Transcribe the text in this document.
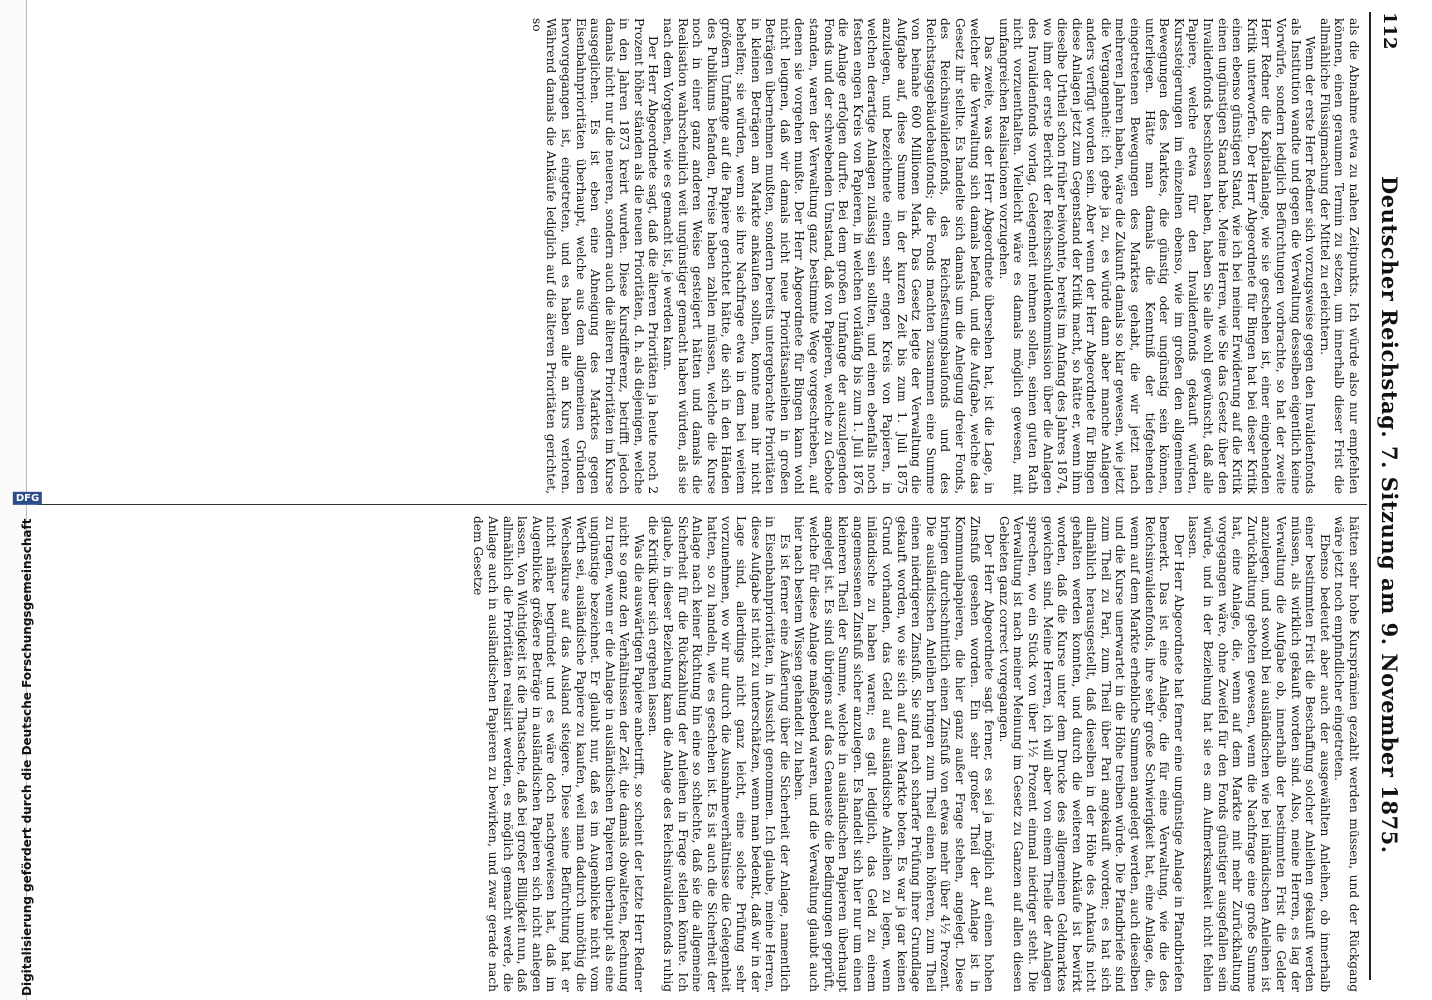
112
Deutscher Reichstag. 7. Sitzung am 9. November 1875.

als die Abnahme etwa zu nahen Zeitpunkts. Ich würde also nur empfehlen können, einen geraumen Termin zu setzen, um innerhalb dieser Frist die allmähliche Flüssigmachung der Mittel zu erleichtern.

Wenn der erste Herr Redner sich vorzugsweise gegen den Invalidenfonds als Institution wandte und gegen die Verwaltung desselben eigentlich keine Vorwürfe, sondern lediglich Befürchtungen vorbrachte, so hat der zweite Herr Redner die Kapitalanlage, wie sie geschehen ist, einer eingehenden Kritik unterworfen. Der Herr Abgeordnete für Bingen hat bei dieser Kritik einen ebenso günstigen Stand, wie ich bei meiner Erwiderung auf die Kritik einen ungünstigen Stand habe. Meine Herren, wie Sie das Gesetz über den Invalidenfonds beschlossen haben, haben Sie alle wohl gewünscht, daß alle Papiere, welche etwa für den Invalidenfonds gekauft würden, Kurssteigerungen im einzelnen ebenso, wie im großen den allgemeinen Bewegungen des Marktes, die günstig oder ungünstig sein können, unterliegen. Hätte man damals die Kenntniß der tiefgehenden eingetretenen Bewegungen des Marktes gehabt, die wir jetzt nach mehreren Jahren haben, wäre die Zukunft damals so klar gewesen, wie jetzt die Vergangenheit: ich gebe ja zu, es würde dann aber manche Anlagen anders verfügt worden sein. Aber wenn der Herr Abgeordnete für Bingen diese Anlagen jetzt zum Gegenstand der Kritik macht, so hätte er, wenn ihm dieselbe Urtheil schon früher beiwohnte, bereits im Anfang des Jahres 1874, wo ihm der erste Bericht der Reichsschuldenkommission über die Anlagen des Invalidenfonds vorlag, Gelegenheit nehmen sollen, seinen guten Rath nicht vorzuenthalten. Vielleicht wäre es damals möglich gewesen, mit umfangreichen Realisationen vorzugehen.

Das zweite, was der Herr Abgeordnete übersehen hat, ist die Lage, in welcher die Verwaltung sich damals befand, und die Aufgabe, welche das Gesetz ihr stellte. Es handelte sich damals um die Anlegung dreier Fonds, des Reichsinvalidenfonds, des Reichsfestungsbaufonds und des Reichstagsgebäudebaufonds; die Fonds machten zusammen eine Summe von beinahe 600 Millionen Mark. Das Gesetz legte der Verwaltung die Aufgabe auf, diese Summe in der kurzen Zeit bis zum 1. Juli 1875 anzulegen, und bezeichnete einen sehr engen Kreis von Papieren, in welchen derartige Anlagen zulässig sein sollten, und einen ebenfalls noch festen engen Kreis von Papieren, in welchen vorläufig bis zum 1. Juli 1876 die Anlage erfolgen durfte. Bei dem großen Umfange der auszulegenden Fonds und der schwebenden Umstand, daß von Papieren, welche zu Gebote standen, waren der Verwaltung ganz bestimmte Wege vorgeschrieben, auf denen sie vorgehen mußte. Der Herr Abgeordnete für Bingen kann wohl nicht leugnen, daß wir damals nicht neue Prioritätsanleihen in großen Beträgen übernehmen mußten, sondern bereits untergebrachte Prioritäten in kleinen Beträgen am Markte ankaufen sollten, konnte man ihr nicht behelfen; sie würden, wenn sie ihre Nachfrage etwa in dem bei weitem größern Umfange auf die Papiere gerichtet hätte, die sich in den Händen des Publikums befanden, Preise haben zahlen müssen, welche die Kurse noch in einer ganz anderen Weise gesteigert hätten und damals die Realisation wahrscheinlich weit ungünstiger gemacht haben würden, als sie nach dem Vorgehen, wie es gemacht ist, je werden kann.

Der Herr Abgeordnete sagt, daß die älteren Prioritäten ja heute noch 2 Prozent höher ständen als die neuen Prioritäten, d. h. als diejenigen, welche in den Jahren 1873 kreirt wurden. Diese Kursdifferenz, betrifft jedoch damals nicht nur die neueren, sondern auch die älteren Prioritäten im Kurse ausgeglichen. Es ist eben eine Abneigung des Marktes gegen Eisenbahnprioritäten überhaupt, welche aus dem allgemeinen Gründen hervorgegangen ist, eingetreten, und es haben alle an Kurs verloren. Während damals die Ankäufe lediglich auf die älteren Prioritäten gerichtet, so

hätten sehr hohe Kursprämien gezahlt werden müssen, und der Rückgang wäre jetzt noch empfindlicher eingetreten.

Ebenso bedeutet aber auch der ausgewählten Anleihen, ob innerhalb einer bestimmten Frist die Beschaffung solcher Anleihen gekauft werden müssen, als wirklich gekauft worden sind. Also, meine Herren, es lag der Verwaltung die Aufgabe ob, innerhalb der bestimmten Frist die Gelder anzulegen, und sowohl bei ausländischen wie bei inländischen Anleihen ist Zurückhaltung geboten gewesen, wenn die Nachfrage eine große Summe hat, eine Anlage, die, wenn auf dem Markte mit mehr Zurückhaltung vorgegangen wäre, ohne Zweifel für den Fonds günstiger ausgefallen sein würde, und in der Beziehung hat sie es am Aufmerksamkeit nicht fehlen lassen.

Der Herr Abgeordnete hat ferner eine ungünstige Anlage in Pfandbriefen bemerkt. Das ist eine Anlage, die für eine Verwaltung, wie die des Reichsinvalidenfonds, ihre sehr große Schwierigkeit hat, eine Anlage, die, wenn auf dem Markte erhebliche Summen angelegt werden, auch dieselben und die Kurse unerwartet in die Höhe treiben würde. Die Pfandbriefe sind zum Theil zu Pari, zum Theil über Pari angekauft worden; es hat sich allmählich herausgestellt, daß dieselben in der Höhe des Ankaufs nicht gehalten werden konnten, und durch die weiteren Ankäufe ist bewirkt worden, daß die Kurse unter dem Drucke des allgemeinen Geldmarktes gewichen sind. Meine Herren, ich will aber von einem Theile der Anlagen sprechen, wo ein Stück von über 1½ Prozent einmal niedriger steht. Die Verwaltung ist nach meiner Meinung im Gesetz zu Ganzen auf allen diesen Gebieten ganz correct vorgegangen.

Der Herr Abgeordnete sagt ferner, es sei ja möglich auf einen hohen Zinsfuß gesehen worden. Ein sehr großer Theil der Anlage ist in Kommunalpapieren, die hier ganz außer Frage stehen, angelegt. Diese bringen durchschnittlich einen Zinsfuß von etwas mehr über 4½ Prozent. Die ausländischen Anleihen bringen zum Theil einen höheren, zum Theil einen niedrigeren Zinsfuß. Sie sind nach scharfer Prüfung ihrer Grundlage gekauft worden, wo sie sich auf dem Markte boten. Es war ja gar keinen Grund vorhanden, das Geld auf ausländische Anleihen zu legen, wenn inländische zu haben waren; es galt lediglich, das Geld zu einem angemessenen Zinsfuß sicher anzulegen. Es handelt sich hier nur um einen kleineren Theil der Summe, welche in ausländischen Papieren überhaupt angelegt ist. Es sind übrigens auf das Genaueste die Bedingungen geprüft, welche für diese Anlage maßgebend waren, und die Verwaltung glaubt auch hier nach bestem Wissen gehandelt zu haben.

Es ist ferner eine Äußerung über die Sicherheit der Anlage, namentlich in Eisenbahnprioritäten, in Aussicht genommen. Ich glaube, meine Herren, diese Aufgabe ist nicht zu unterschätzen, wenn man bedenkt, daß wir in der Lage sind, allerdings nicht ganz leicht, eine solche Prüfung sehr vorzunehmen, wo wir nur durch die Ausnahmeverhältnisse die Gelegenheit hatten, so zu handeln, wie es geschehen ist. Es ist auch die Sicherheit der Anlage nach keiner Richtung hin eine so schlechte, daß sie die allgemeine Sicherheit für die Rückzahlung der Anleihen in Frage stellen könnte. Ich glaube, in dieser Beziehung kann die Anlage des Reichsinvalidenfonds ruhig die Kritik über sich ergehen lassen.

Was die auswärtigen Papiere anbetrifft, so scheint der letzte Herr Redner nicht so ganz den Verhältnissen der Zeit, die damals obwalteten, Rechnung zu tragen, wenn er die Anlage in ausländischen Papieren überhaupt als eine ungünstige bezeichnet. Er glaubt nur, daß es im Augenblicke nicht vom Werth sei, ausländische Papiere zu kaufen, weil man dadurch unnöthig die Wechselkurse auf das Ausland steigere. Diese seine Befürchtung hat er nicht näher begründet und es wäre doch nachgewiesen hat, daß im Augenblicke größere Beträge in ausländischen Papieren sich nicht anlegen lassen. Von Wichtigkeit ist die Thatsache, daß bei großer Billigkeit nun, daß allmählich die Prioritäten realisirt werden, es möglich gemacht werde, die Anlage auch in ausländischen Papieren zu bewirken, und zwar gerade nach dem Gesetze

Digitalisierung gefördert durch die Deutsche Forschungsgemeinschaft
DFG
